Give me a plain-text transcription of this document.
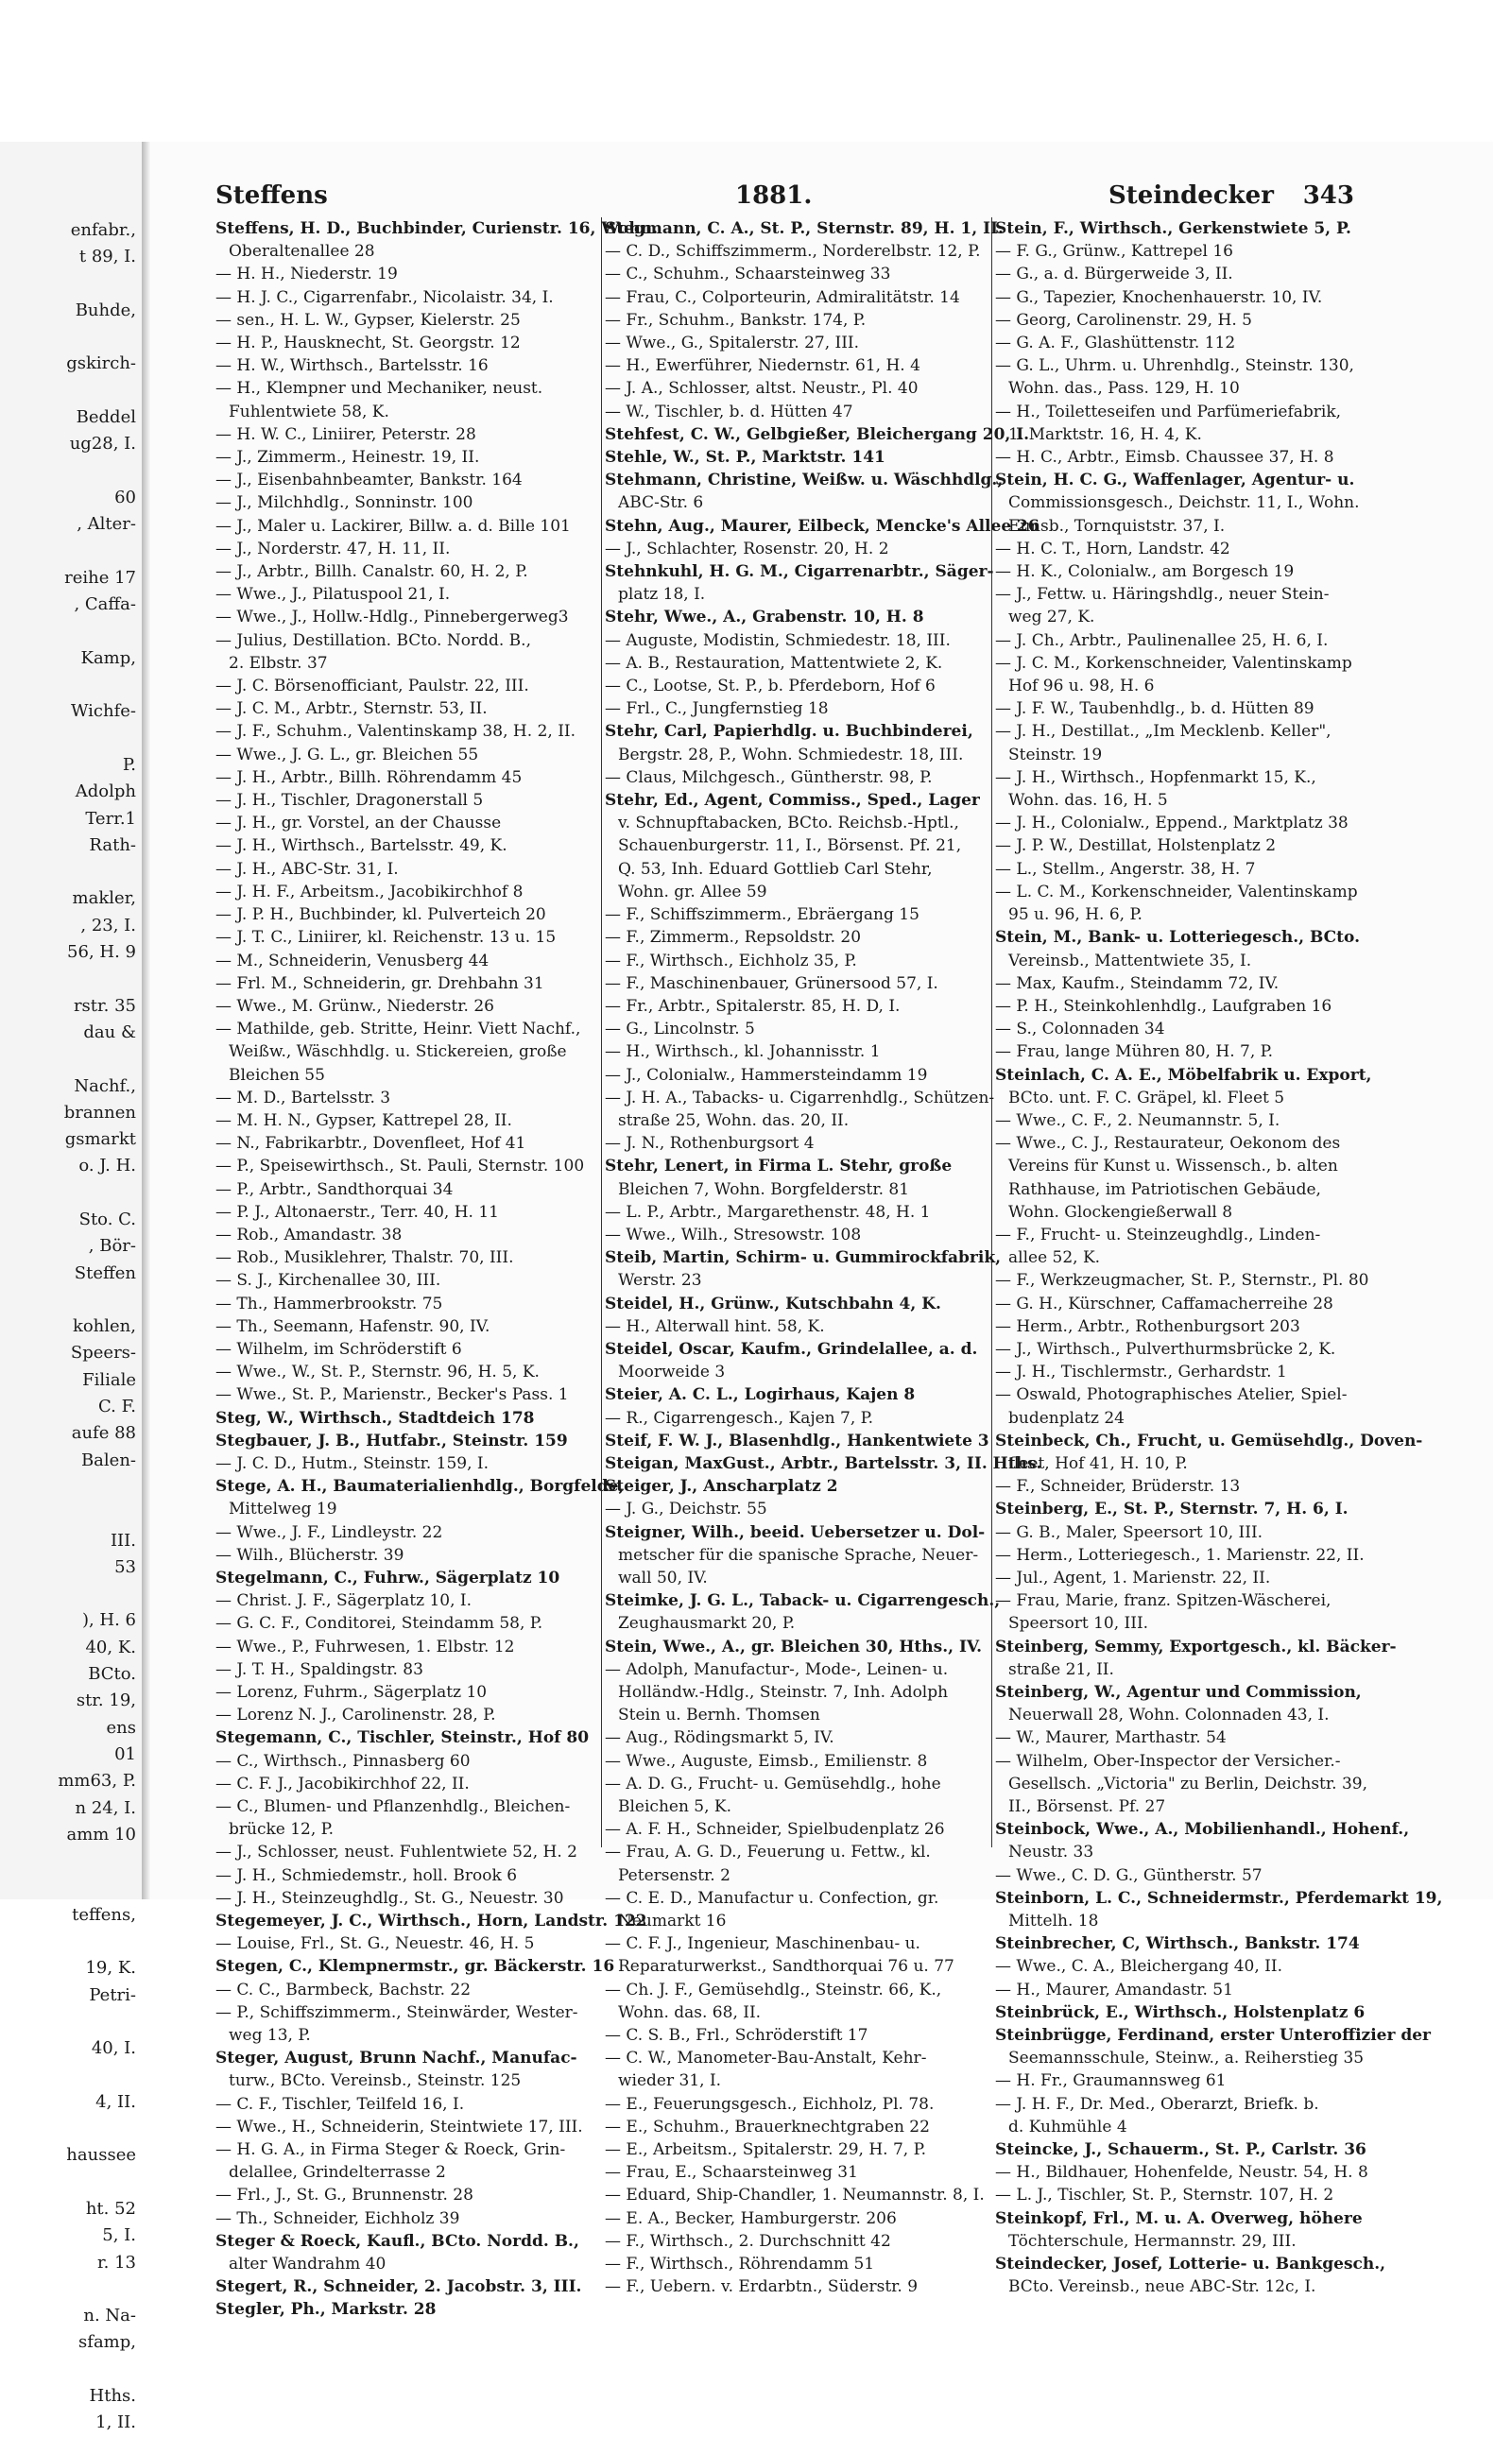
enfabr.,
t 89, I.

Buhde,

gskirch-

Beddel
ug28, I.

60
, Alter-

reihe 17
, Caffa-

Kamp,

Wichfe-

P.
Adolph
Terr.1
Rath-

makler,
, 23, I.
56, H. 9

rstr. 35
dau &

Nachf.,
brannen
gsmarkt
o. J. H.

Sto. C.
, Bör-
Steffen

kohlen,
Speers-
Filiale
C. F.
aufe 88
Balen-

III.
53

), H. 6
40, K.
BCto.
str. 19,
ens
01
mm63, P.
n 24, I.
amm 10

teffens,

19, K.
Petri-

40, I.

4, II.

haussee

ht. 52
5, I.
r. 13

n. Na-
sfamp,

Hths.
1, II.
Steffens	1881.	Steindecker 343
Steffens, H. D., Buchbinder, Curienstr. 16, Wohn.
Oberaltenallee 28
— H. H., Niederstr. 19
— H. J. C., Cigarrenfabr., Nicolaistr. 34, I.
— sen., H. L. W., Gypser, Kielerstr. 25
— H. P., Hausknecht, St. Georgstr. 12
— H. W., Wirthsch., Bartelsstr. 16
— H., Klempner und Mechaniker, neust.
Fuhlentwiete 58, K.
— H. W. C., Liniirer, Peterstr. 28
— J., Zimmerm., Heinestr. 19, II.
— J., Eisenbahnbeamter, Bankstr. 164
— J., Milchhdlg., Sonninstr. 100
— J., Maler u. Lackirer, Billw. a. d. Bille 101
— J., Norderstr. 47, H. 11, II.
— J., Arbtr., Billh. Canalstr. 60, H. 2, P.
— Wwe., J., Pilatuspool 21, I.
— Wwe., J., Hollw.-Hdlg., Pinnebergerweg3
— Julius, Destillation. BCto. Nordd. B.,
2. Elbstr. 37
— J. C. Börsenofficiant, Paulstr. 22, III.
— J. C. M., Arbtr., Sternstr. 53, II.
— J. F., Schuhm., Valentinskamp 38, H. 2, II.
— Wwe., J. G. L., gr. Bleichen 55
— J. H., Arbtr., Billh. Röhrendamm 45
— J. H., Tischler, Dragonerstall 5
— J. H., gr. Vorstel, an der Chausse
— J. H., Wirthsch., Bartelsstr. 49, K.
— J. H., ABC-Str. 31, I.
— J. H. F., Arbeitsm., Jacobikirchhof 8
— J. P. H., Buchbinder, kl. Pulverteich 20
— J. T. C., Liniirer, kl. Reichenstr. 13 u. 15
— M., Schneiderin, Venusberg 44
— Frl. M., Schneiderin, gr. Drehbahn 31
— Wwe., M. Grünw., Niederstr. 26
— Mathilde, geb. Stritte, Heinr. Viett Nachf.,
Weißw., Wäschhdlg. u. Stickereien, große
Bleichen 55
— M. D., Bartelsstr. 3
— M. H. N., Gypser, Kattrepel 28, II.
— N., Fabrikarbtr., Dovenfleet, Hof 41
— P., Speisewirthsch., St. Pauli, Sternstr. 100
— P., Arbtr., Sandthorquai 34
— P. J., Altonaerstr., Terr. 40, H. 11
— Rob., Amandastr. 38
— Rob., Musiklehrer, Thalstr. 70, III.
— S. J., Kirchenallee 30, III.
— Th., Hammerbrookstr. 75
— Th., Seemann, Hafenstr. 90, IV.
— Wilhelm, im Schröderstift 6
— Wwe., W., St. P., Sternstr. 96, H. 5, K.
— Wwe., St. P., Marienstr., Becker's Pass. 1
Steg, W., Wirthsch., Stadtdeich 178
Stegbauer, J. B., Hutfabr., Steinstr. 159
— J. C. D., Hutm., Steinstr. 159, I.
Stege, A. H., Baumaterialienhdlg., Borgfelde,
Mittelweg 19
— Wwe., J. F., Lindleystr. 22
— Wilh., Blücherstr. 39
Stegelmann, C., Fuhrw., Sägerplatz 10
— Christ. J. F., Sägerplatz 10, I.
— G. C. F., Conditorei, Steindamm 58, P.
— Wwe., P., Fuhrwesen, 1. Elbstr. 12
— J. T. H., Spaldingstr. 83
— Lorenz, Fuhrm., Sägerplatz 10
— Lorenz N. J., Carolinenstr. 28, P.
Stegemann, C., Tischler, Steinstr., Hof 80
— C., Wirthsch., Pinnasberg 60
— C. F. J., Jacobikirchhof 22, II.
— C., Blumen- und Pflanzenhdlg., Bleichen-
brücke 12, P.
— J., Schlosser, neust. Fuhlentwiete 52, H. 2
— J. H., Schmiedemstr., holl. Brook 6
— J. H., Steinzeughdlg., St. G., Neuestr. 30
Stegemeyer, J. C., Wirthsch., Horn, Landstr. 122
— Louise, Frl., St. G., Neuestr. 46, H. 5
Stegen, C., Klempnermstr., gr. Bäckerstr. 16
— C. C., Barmbeck, Bachstr. 22
— P., Schiffszimmerm., Steinwärder, Wester-
weg 13, P.
Steger, August, Brunn Nachf., Manufac-
turw., BCto. Vereinsb., Steinstr. 125
— C. F., Tischler, Teilfeld 16, I.
— Wwe., H., Schneiderin, Steintwiete 17, III.
— H. G. A., in Firma Steger & Roeck, Grin-
delallee, Grindelterrasse 2
— Frl., J., St. G., Brunnenstr. 28
— Th., Schneider, Eichholz 39
Steger & Roeck, Kaufl., BCto. Nordd. B.,
alter Wandrahm 40
Stegert, R., Schneider, 2. Jacobstr. 3, III.
Stegler, Ph., Markstr. 28
Stegmann, C. A., St. P., Sternstr. 89, H. 1, II.
— C. D., Schiffszimmerm., Norderelbstr. 12, P.
— C., Schuhm., Schaarsteinweg 33
— Frau, C., Colporteurin, Admiralitätstr. 14
— Fr., Schuhm., Bankstr. 174, P.
— Wwe., G., Spitalerstr. 27, III.
— H., Ewerführer, Niedernstr. 61, H. 4
— J. A., Schlosser, altst. Neustr., Pl. 40
— W., Tischler, b. d. Hütten 47
Stehfest, C. W., Gelbgießer, Bleichergang 20, I.
Stehle, W., St. P., Marktstr. 141
Stehmann, Christine, Weißw. u. Wäschhdlg.,
ABC-Str. 6
Stehn, Aug., Maurer, Eilbeck, Mencke's Allee 26
— J., Schlachter, Rosenstr. 20, H. 2
Stehnkuhl, H. G. M., Cigarrenarbtr., Säger-
platz 18, I.
Stehr, Wwe., A., Grabenstr. 10, H. 8
— Auguste, Modistin, Schmiedestr. 18, III.
— A. B., Restauration, Mattentwiete 2, K.
— C., Lootse, St. P., b. Pferdeborn, Hof 6
— Frl., C., Jungfernstieg 18
Stehr, Carl, Papierhdlg. u. Buchbinderei,
Bergstr. 28, P., Wohn. Schmiedestr. 18, III.
— Claus, Milchgesch., Güntherstr. 98, P.
Stehr, Ed., Agent, Commiss., Sped., Lager
v. Schnupftabacken, BCto. Reichsb.-Hptl.,
Schauenburgerstr. 11, I., Börsenst. Pf. 21,
Q. 53, Inh. Eduard Gottlieb Carl Stehr,
Wohn. gr. Allee 59
— F., Schiffszimmerm., Ebräergang 15
— F., Zimmerm., Repsoldstr. 20
— F., Wirthsch., Eichholz 35, P.
— F., Maschinenbauer, Grünersood 57, I.
— Fr., Arbtr., Spitalerstr. 85, H. D, I.
— G., Lincolnstr. 5
— H., Wirthsch., kl. Johannisstr. 1
— J., Colonialw., Hammersteindamm 19
— J. H. A., Tabacks- u. Cigarrenhdlg., Schützen-
straße 25, Wohn. das. 20, II.
— J. N., Rothenburgsort 4
Stehr, Lenert, in Firma L. Stehr, große
Bleichen 7, Wohn. Borgfelderstr. 81
— L. P., Arbtr., Margarethenstr. 48, H. 1
— Wwe., Wilh., Stresowstr. 108
Steib, Martin, Schirm- u. Gummirockfabrik,
Werstr. 23
Steidel, H., Grünw., Kutschbahn 4, K.
— H., Alterwall hint. 58, K.
Steidel, Oscar, Kaufm., Grindelallee, a. d.
Moorweide 3
Steier, A. C. L., Logirhaus, Kajen 8
— R., Cigarrengesch., Kajen 7, P.
Steif, F. W. J., Blasenhdlg., Hankentwiete 3
Steigan, MaxGust., Arbtr., Bartelsstr. 3, II. Hths.
Steiger, J., Anscharplatz 2
— J. G., Deichstr. 55
Steigner, Wilh., beeid. Uebersetzer u. Dol-
metscher für die spanische Sprache, Neuer-
wall 50, IV.
Steimke, J. G. L., Taback- u. Cigarrengesch.,
Zeughausmarkt 20, P.
Stein, Wwe., A., gr. Bleichen 30, Hths., IV.
— Adolph, Manufactur-, Mode-, Leinen- u.
Holländw.-Hdlg., Steinstr. 7, Inh. Adolph
Stein u. Bernh. Thomsen
— Aug., Rödingsmarkt 5, IV.
— Wwe., Auguste, Eimsb., Emilienstr. 8
— A. D. G., Frucht- u. Gemüsehdlg., hohe
Bleichen 5, K.
— A. F. H., Schneider, Spielbudenplatz 26
— Frau, A. G. D., Feuerung u. Fettw., kl.
Petersenstr. 2
— C. E. D., Manufactur u. Confection, gr.
Neumarkt 16
— C. F. J., Ingenieur, Maschinenbau- u.
Reparaturwerkst., Sandthorquai 76 u. 77
— Ch. J. F., Gemüsehdlg., Steinstr. 66, K.,
Wohn. das. 68, II.
— C. S. B., Frl., Schröderstift 17
— C. W., Manometer-Bau-Anstalt, Kehr-
wieder 31, I.
— E., Feuerungsgesch., Eichholz, Pl. 78.
— E., Schuhm., Brauerknechtgraben 22
— E., Arbeitsm., Spitalerstr. 29, H. 7, P.
— Frau, E., Schaarsteinweg 31
— Eduard, Ship-Chandler, 1. Neumannstr. 8, I.
— E. A., Becker, Hamburgerstr. 206
— F., Wirthsch., 2. Durchschnitt 42
— F., Wirthsch., Röhrendamm 51
— F., Uebern. v. Erdarbtn., Süderstr. 9
Stein, F., Wirthsch., Gerkenstwiete 5, P.
— F. G., Grünw., Kattrepel 16
— G., a. d. Bürgerweide 3, II.
— G., Tapezier, Knochenhauerstr. 10, IV.
— Georg, Carolinenstr. 29, H. 5
— G. A. F., Glashüttenstr. 112
— G. L., Uhrm. u. Uhrenhdlg., Steinstr. 130,
Wohn. das., Pass. 129, H. 10
— H., Toiletteseifen und Parfümeriefabrik,
1. Marktstr. 16, H. 4, K.
— H. C., Arbtr., Eimsb. Chaussee 37, H. 8
Stein, H. C. G., Waffenlager, Agentur- u.
Commissionsgesch., Deichstr. 11, I., Wohn.
Eimsb., Tornquiststr. 37, I.
— H. C. T., Horn, Landstr. 42
— H. K., Colonialw., am Borgesch 19
— J., Fettw. u. Häringshdlg., neuer Stein-
weg 27, K.
— J. Ch., Arbtr., Paulinenallee 25, H. 6, I.
— J. C. M., Korkenschneider, Valentinskamp
Hof 96 u. 98, H. 6
— J. F. W., Taubenhdlg., b. d. Hütten 89
— J. H., Destillat., „Im Mecklenb. Keller",
Steinstr. 19
— J. H., Wirthsch., Hopfenmarkt 15, K.,
Wohn. das. 16, H. 5
— J. H., Colonialw., Eppend., Marktplatz 38
— J. P. W., Destillat, Holstenplatz 2
— L., Stellm., Angerstr. 38, H. 7
— L. C. M., Korkenschneider, Valentinskamp
95 u. 96, H. 6, P.
Stein, M., Bank- u. Lotteriegesch., BCto.
Vereinsb., Mattentwiete 35, I.
— Max, Kaufm., Steindamm 72, IV.
— P. H., Steinkohlenhdlg., Laufgraben 16
— S., Colonnaden 34
— Frau, lange Mühren 80, H. 7, P.
Steinlach, C. A. E., Möbelfabrik u. Export,
BCto. unt. F. C. Gräpel, kl. Fleet 5
— Wwe., C. F., 2. Neumannstr. 5, I.
— Wwe., C. J., Restaurateur, Oekonom des
Vereins für Kunst u. Wissensch., b. alten
Rathhause, im Patriotischen Gebäude,
Wohn. Glockengießerwall 8
— F., Frucht- u. Steinzeughdlg., Linden-
allee 52, K.
— F., Werkzeugmacher, St. P., Sternstr., Pl. 80
— G. H., Kürschner, Caffamacherreihe 28
— Herm., Arbtr., Rothenburgsort 203
— J., Wirthsch., Pulverthurmsbrücke 2, K.
— J. H., Tischlermstr., Gerhardstr. 1
— Oswald, Photographisches Atelier, Spiel-
budenplatz 24
Steinbeck, Ch., Frucht, u. Gemüsehdlg., Doven-
fleet, Hof 41, H. 10, P.
— F., Schneider, Brüderstr. 13
Steinberg, E., St. P., Sternstr. 7, H. 6, I.
— G. B., Maler, Speersort 10, III.
— Herm., Lotteriegesch., 1. Marienstr. 22, II.
— Jul., Agent, 1. Marienstr. 22, II.
— Frau, Marie, franz. Spitzen-Wäscherei,
Speersort 10, III.
Steinberg, Semmy, Exportgesch., kl. Bäcker-
straße 21, II.
Steinberg, W., Agentur und Commission,
Neuerwall 28, Wohn. Colonnaden 43, I.
— W., Maurer, Marthastr. 54
— Wilhelm, Ober-Inspector der Versicher.-
Gesellsch. „Victoria" zu Berlin, Deichstr. 39,
II., Börsenst. Pf. 27
Steinbock, Wwe., A., Mobilienhandl., Hohenf.,
Neustr. 33
— Wwe., C. D. G., Güntherstr. 57
Steinborn, L. C., Schneidermstr., Pferdemarkt 19,
Mittelh. 18
Steinbrecher, C, Wirthsch., Bankstr. 174
— Wwe., C. A., Bleichergang 40, II.
— H., Maurer, Amandastr. 51
Steinbrück, E., Wirthsch., Holstenplatz 6
Steinbrügge, Ferdinand, erster Unteroffizier der
Seemannsschule, Steinw., a. Reiherstieg 35
— H. Fr., Graumannsweg 61
— J. H. F., Dr. Med., Oberarzt, Briefk. b.
d. Kuhmühle 4
Steincke, J., Schauerm., St. P., Carlstr. 36
— H., Bildhauer, Hohenfelde, Neustr. 54, H. 8
— L. J., Tischler, St. P., Sternstr. 107, H. 2
Steinkopf, Frl., M. u. A. Overweg, höhere
Töchterschule, Hermannstr. 29, III.
Steindecker, Josef, Lotterie- u. Bankgesch.,
BCto. Vereinsb., neue ABC-Str. 12c, I.
